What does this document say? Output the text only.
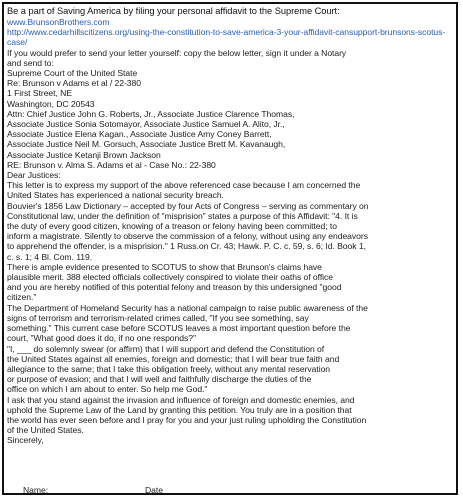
Be a part of Saving America by filing your personal affidavit to the Supreme Court:
www.BrunsonBrothers.com
http://www.cedarhillscitizens.org/using-the-constitution-to-save-america-3-your-affidavit-cansupport-brunsons-scotus-
case/
If you would prefer to send your letter yourself: copy the below letter, sign it under a Notary
and send to:
Supreme Court of the United State
Re: Brunson v Adams et al / 22-380
1 First Street, NE
Washington, DC 20543
Attn: Chief Justice John G. Roberts, Jr., Associate Justice Clarence Thomas,
Associate Justice Sonia Sotomayor, Associate Justice Samuel A. Alito, Jr.,
Associate Justice Elena Kagan., Associate Justice Amy Coney Barrett,
Associate Justice Neil M. Gorsuch, Associate Justice Brett M. Kavanaugh,
Associate Justice Ketanji Brown Jackson
RE: Brunson v. Alma S. Adams et al - Case No.: 22-380
Dear Justices:
This letter is to express my support of the above referenced case because I am concerned the
United States has experienced a national security breach.
Bouvier's 1856 Law Dictionary – accepted by four Acts of Congress – serving as commentary on
Constitutional law, under the definition of "misprision" states a purpose of this Affidavit: "4. It is
the duty of every good citizen, knowing of a treason or felony having been committed; to
inform a magistrate. Silently to observe the commission of a felony, without using any endeavors
to apprehend the offender, is a misprision." 1 Russ.on Cr. 43; Hawk. P. C. c. 59, s. 6; Id. Book 1,
c. s. 1; 4 Bl. Com. 119.
There is ample evidence presented to SCOTUS to show that Brunson's claims have
plausible merit. 388 elected officials collectively conspired to violate their oaths of office
and you are hereby notified of this potential felony and treason by this undersigned "good
citizen."
The Department of Homeland Security has a national campaign to raise public awareness of the
signs of terrorism and terrorism-related crimes called, "If you see something, say
something." This current case before SCOTUS leaves a most important question before the
court, "What good does it do, if no one responds?"
"I, ___ do solemnly swear (or affirm) that I will support and defend the Constitution of
the United States against all enemies, foreign and domestic; that I will bear true faith and
allegiance to the same; that I take this obligation freely, without any mental reservation
or purpose of evasion; and that I will well and faithfully discharge the duties of the
office on which I am about to enter. So help me God."
I ask that you stand against the invasion and influence of foreign and domestic enemies, and
uphold the Supreme Law of the Land by granting this petition. You truly are in a position that
the world has ever seen before and I pray for you and your just ruling upholding the Constitution
of the United States.
Sincerely,
Name:	Date
